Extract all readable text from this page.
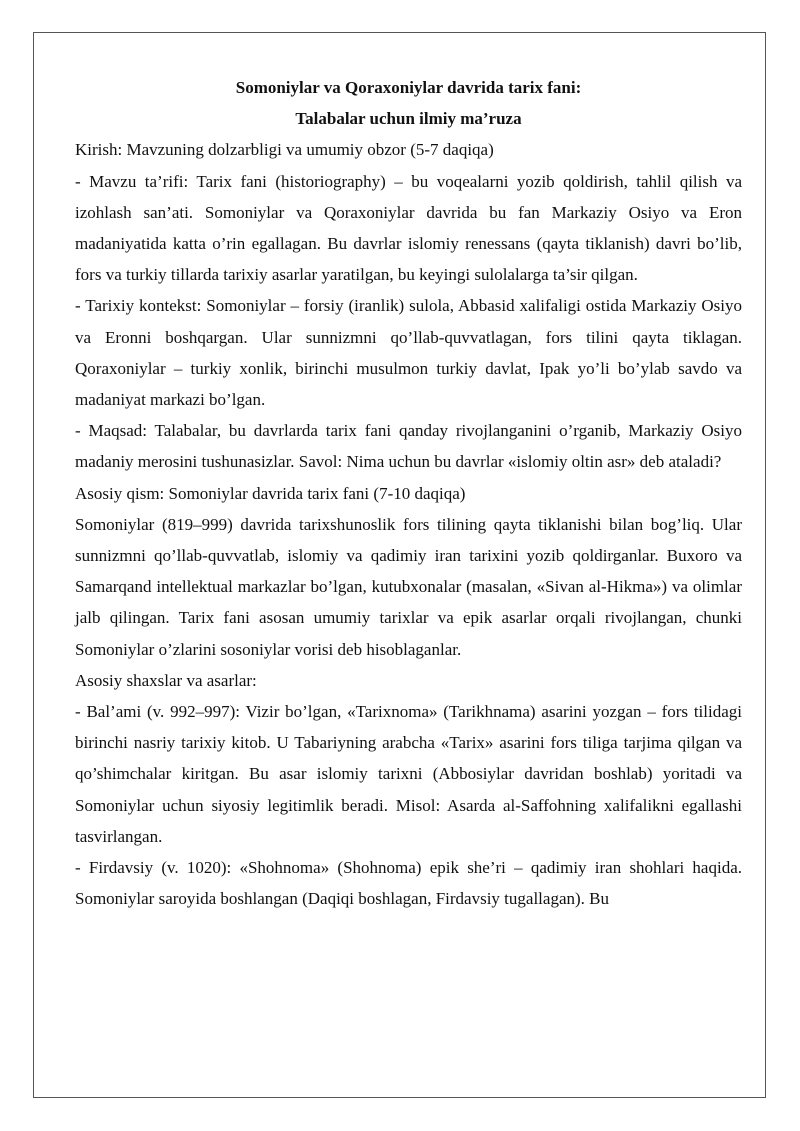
Somoniylar va Qoraxoniylar davrida tarix fani:

Talabalar uchun ilmiy ma’ruza

Kirish: Mavzuning dolzarbligi va umumiy obzor (5-7 daqiqa)

- Mavzu ta’rifi: Tarix fani (historiography) – bu voqealarni yozib qoldirish, tahlil qilish va izohlash san’ati. Somoniylar va Qoraxoniylar davrida bu fan Markaziy Osiyo va Eron madaniyatida katta o’rin egallagan. Bu davrlar islomiy renessans (qayta tiklanish) davri bo’lib, fors va turkiy tillarda tarixiy asarlar yaratilgan, bu keyingi sulolalarga ta’sir qilgan.

- Tarixiy kontekst: Somoniylar – forsiy (iranlik) sulola, Abbasid xalifaligi ostida Markaziy Osiyo va Eronni boshqargan. Ular sunnizmni qo’llab-quvvatlagan, fors tilini qayta tiklagan. Qoraxoniylar – turkiy xonlik, birinchi musulmon turkiy davlat, Ipak yo’li bo’ylab savdo va madaniyat markazi bo’lgan.

- Maqsad: Talabalar, bu davrlarda tarix fani qanday rivojlanganini o’rganib, Markaziy Osiyo madaniy merosini tushunasizlar. Savol: Nima uchun bu davrlar «islomiy oltin asr» deb ataladi?

Asosiy qism: Somoniylar davrida tarix fani (7-10 daqiqa)

Somoniylar (819–999) davrida tarixshunoslik fors tilining qayta tiklanishi bilan bog’liq. Ular sunnizmni qo’llab-quvvatlab, islomiy va qadimiy iran tarixini yozib qoldirganlar. Buxoro va Samarqand intellektual markazlar bo’lgan, kutubxonalar (masalan, «Sivan al-Hikma») va olimlar jalb qilingan. Tarix fani asosan umumiy tarixlar va epik asarlar orqali rivojlangan, chunki Somoniylar o’zlarini sosoniylar vorisi deb hisoblaganlar.

Asosiy shaxslar va asarlar:

- Bal’ami (v. 992–997): Vizir bo’lgan, «Tarixnoma» (Tarikhnama) asarini yozgan – fors tilidagi birinchi nasriy tarixiy kitob. U Tabariyning arabcha «Tarix» asarini fors tiliga tarjima qilgan va qo’shimchalar kiritgan. Bu asar islomiy tarixni (Abbosiylar davridan boshlab) yoritadi va Somoniylar uchun siyosiy legitimlik beradi. Misol: Asarda al-Saffohning xalifalikni egallashi tasvirlangan.

- Firdavsiy (v. 1020): «Shohnoma» (Shohnoma) epik she’ri – qadimiy iran shohlari haqida. Somoniylar saroyida boshlangan (Daqiqi boshlagan, Firdavsiy tugallagan). Bu
